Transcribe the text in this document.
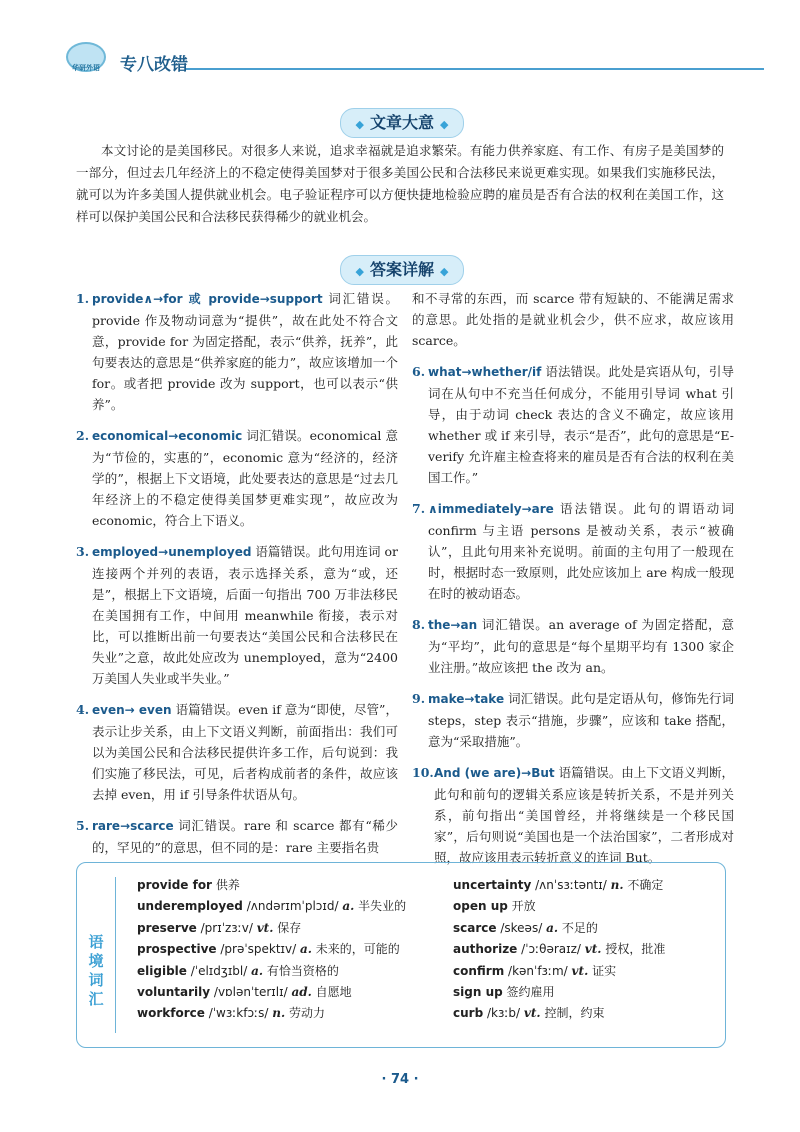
华研外语 专八改错
◆ 文章大意 ◆

本文讨论的是美国移民。对很多人来说，追求幸福就是追求繁荣。有能力供养家庭、有工作、有房子是美国梦的一部分，但过去几年经济上的不稳定使得美国梦对于很多美国公民和合法移民来说更难实现。如果我们实施移民法，就可以为许多美国人提供就业机会。电子验证程序可以方便快捷地检验应聘的雇员是否有合法的权利在美国工作，这样可以保护美国公民和合法移民获得稀少的就业机会。

◆ 答案详解 ◆
1. provide∧→for 或 provide→support 词汇错误。provide 作及物动词意为“提供”，故在此处不符合文意，provide for 为固定搭配，表示“供养，抚养”，此句要表达的意思是“供养家庭的能力”，故应该增加一个 for。或者把 provide 改为 support，也可以表示“供养”。
2. economical→economic 词汇错误。economical 意为“节俭的，实惠的”，economic 意为“经济的，经济学的”，根据上下文语境，此处要表达的意思是“过去几年经济上的不稳定使得美国梦更难实现”，故应改为 economic，符合上下语义。
3. employed→unemployed 语篇错误。此句用连词 or 连接两个并列的表语，表示选择关系，意为“或，还是”，根据上下文语境，后面一句指出 700 万非法移民在美国拥有工作，中间用 meanwhile 衔接，表示对比，可以推断出前一句要表达“美国公民和合法移民在失业”之意，故此处应改为 unemployed，意为“2400 万美国人失业或半失业。”
4. even→ even 语篇错误。even if 意为“即使，尽管”，表示让步关系，由上下文语义判断，前面指出：我们可以为美国公民和合法移民提供许多工作，后句说到：我们实施了移民法，可见，后者构成前者的条件，故应该去掉 even，用 if 引导条件状语从句。
5. rare→scarce 词汇错误。rare 和 scarce 都有“稀少的，罕见的”的意思，但不同的是：rare 主要指名贵
和不寻常的东西，而 scarce 带有短缺的、不能满足需求的意思。此处指的是就业机会少，供不应求，故应该用 scarce。
6. what→whether/if 语法错误。此处是宾语从句，引导词在从句中不充当任何成分，不能用引导词 what 引导，由于动词 check 表达的含义不确定，故应该用 whether 或 if 来引导，表示“是否”，此句的意思是“E-verify 允许雇主检查将来的雇员是否有合法的权利在美国工作。”
7. ∧immediately→are 语法错误。此句的谓语动词 confirm 与主语 persons 是被动关系，表示“被确认”，且此句用来补充说明。前面的主句用了一般现在时，根据时态一致原则，此处应该加上 are 构成一般现在时的被动语态。
8. the→an 词汇错误。an average of 为固定搭配，意为“平均”，此句的意思是“每个星期平均有 1300 家企业注册。”故应该把 the 改为 an。
9. make→take 词汇错误。此句是定语从句，修饰先行词 steps，step 表示“措施，步骤”，应该和 take 搭配，意为“采取措施”。
10. And (we are)→But 语篇错误。由上下文语义判断，此句和前句的逻辑关系应该是转折关系，不是并列关系，前句指出“美国曾经，并将继续是一个移民国家”，后句则说“美国也是一个法治国家”，二者形成对照，故应该用表示转折意义的连词 But。
语
境
词
汇
provide for 供养
underemployed /ʌndərɪmˈplɔɪd/ a. 半失业的
preserve /prɪˈzɜːv/ vt. 保存
prospective /prəˈspektɪv/ a. 未来的，可能的
eligible /ˈelɪdʒɪbl/ a. 有恰当资格的
voluntarily /vɒlənˈterɪlɪ/ ad. 自愿地
workforce /ˈwɜːkfɔːs/ n. 劳动力
uncertainty /ʌnˈsɜːtəntɪ/ n. 不确定
open up 开放
scarce /skeəs/ a. 不足的
authorize /ˈɔːθəraɪz/ vt. 授权，批准
confirm /kənˈfɜːm/ vt. 证实
sign up 签约雇用
curb /kɜːb/ vt. 控制，约束
· 74 ·
